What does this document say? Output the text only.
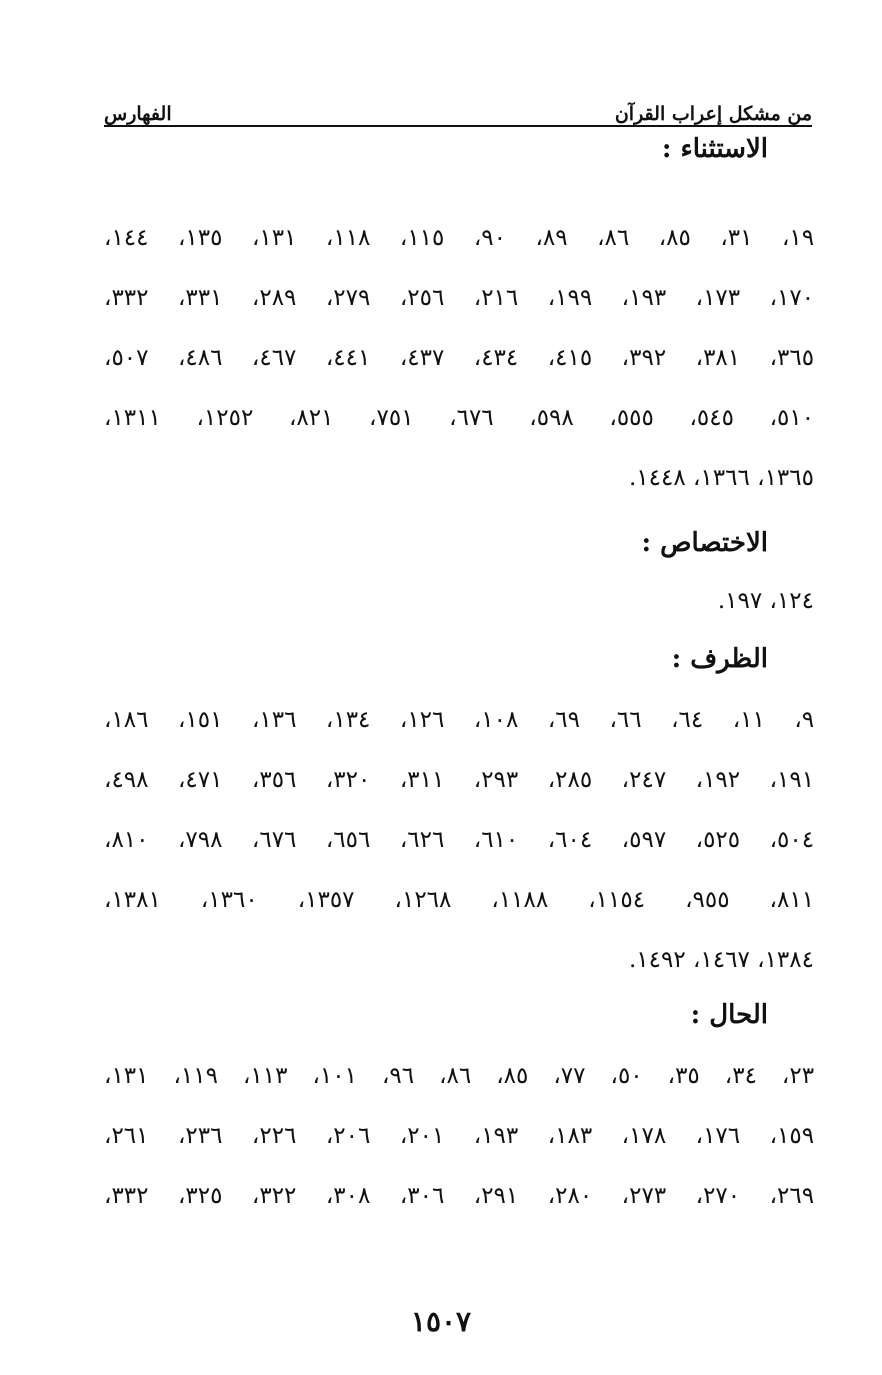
من مشكل إعراب القرآن
الفهارس
الاستثناء :
١٩، ٣١، ٨٥، ٨٦، ٨٩، ٩٠، ١١٥، ١١٨، ١٣١، ١٣٥، ١٤٤،
١٧٠، ١٧٣، ١٩٣، ١٩٩، ٢١٦، ٢٥٦، ٢٧٩، ٢٨٩، ٣٣١، ٣٣٢،
٣٦٥، ٣٨١، ٣٩٢، ٤١٥، ٤٣٤، ٤٣٧، ٤٤١، ٤٦٧، ٤٨٦، ٥٠٧،
٥١٠، ٥٤٥، ٥٥٥، ٥٩٨، ٦٧٦، ٧٥١، ٨٢١، ١٢٥٢، ١٣١١،
١٣٦٥، ١٣٦٦، ١٤٤٨.
الاختصاص :
١٢٤، ١٩٧.
الظرف :
٩، ١١، ٦٤، ٦٦، ٦٩، ١٠٨، ١٢٦، ١٣٤، ١٣٦، ١٥١، ١٨٦،
١٩١، ١٩٢، ٢٤٧، ٢٨٥، ٢٩٣، ٣١١، ٣٢٠، ٣٥٦، ٤٧١، ٤٩٨،
٥٠٤، ٥٢٥، ٥٩٧، ٦٠٤، ٦١٠، ٦٢٦، ٦٥٦، ٦٧٦، ٧٩٨، ٨١٠،
٨١١، ٩٥٥، ١١٥٤، ١١٨٨، ١٢٦٨، ١٣٥٧، ١٣٦٠، ١٣٨١،
١٣٨٤، ١٤٦٧، ١٤٩٢.
الحال :
٢٣، ٣٤، ٣٥، ٥٠، ٧٧، ٨٥، ٨٦، ٩٦، ١٠١، ١١٣، ١١٩، ١٣١،
١٥٩، ١٧٦، ١٧٨، ١٨٣، ١٩٣، ٢٠١، ٢٠٦، ٢٢٦، ٢٣٦، ٢٦١،
٢٦٩، ٢٧٠، ٢٧٣، ٢٨٠، ٢٩١، ٣٠٦، ٣٠٨، ٣٢٢، ٣٢٥، ٣٣٢،
١٥٠٧
